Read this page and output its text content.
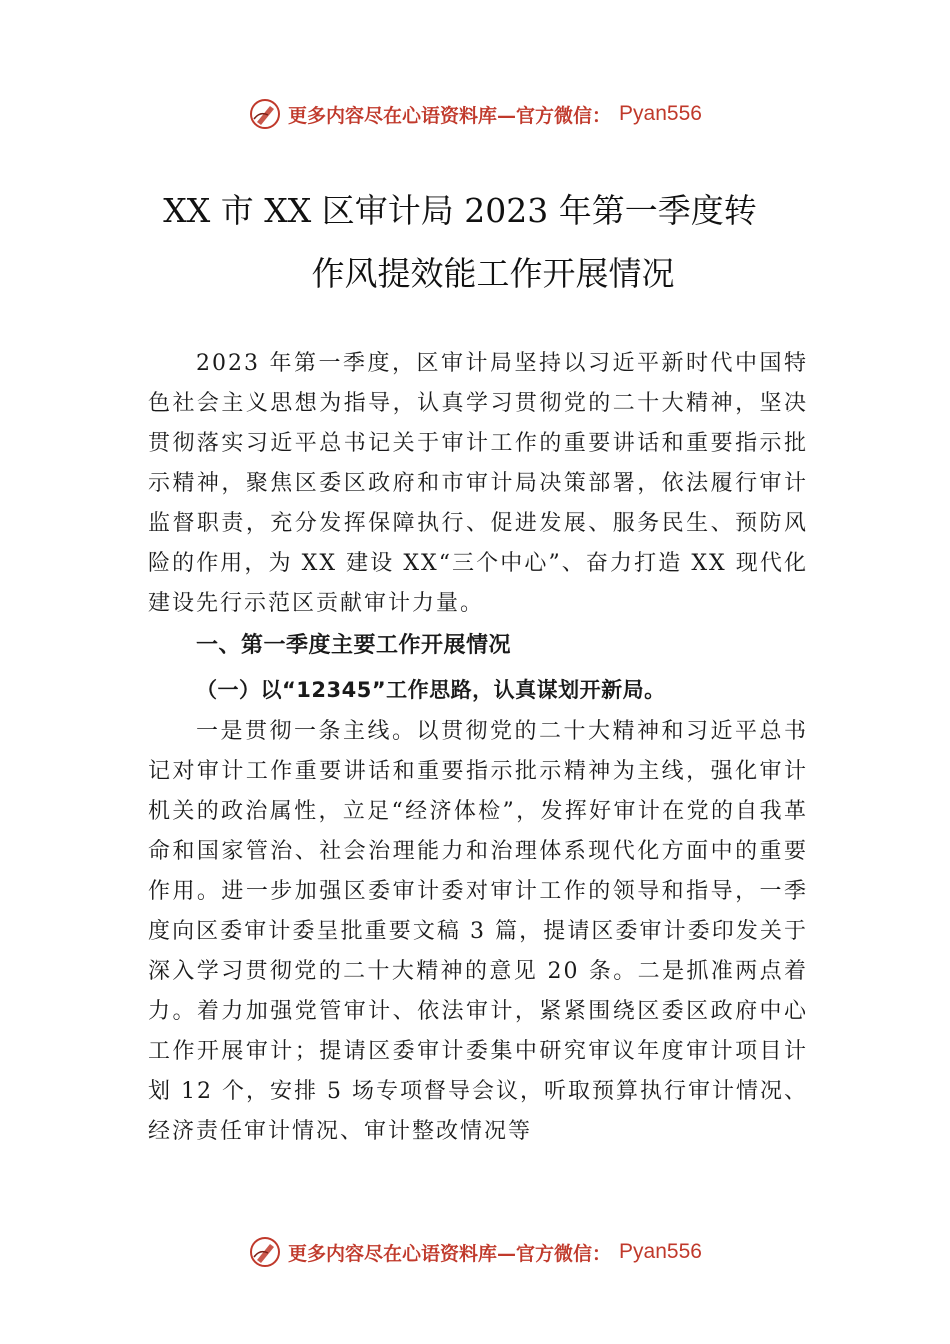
更多内容尽在心语资料库—官方微信： Pyan556
XX 市 XX 区审计局 2023 年第一季度转
作风提效能工作开展情况

2023 年第一季度，区审计局坚持以习近平新时代中国特色社会主义思想为指导，认真学习贯彻党的二十大精神，坚决贯彻落实习近平总书记关于审计工作的重要讲话和重要指示批示精神，聚焦区委区政府和市审计局决策部署，依法履行审计监督职责，充分发挥保障执行、促进发展、服务民生、预防风险的作用，为 XX 建设 XX“三个中心”、奋力打造 XX 现代化建设先行示范区贡献审计力量。

一、第一季度主要工作开展情况

（一）以“12345”工作思路，认真谋划开新局。

一是贯彻一条主线。以贯彻党的二十大精神和习近平总书记对审计工作重要讲话和重要指示批示精神为主线，强化审计机关的政治属性，立足“经济体检”，发挥好审计在党的自我革命和国家管治、社会治理能力和治理体系现代化方面中的重要作用。进一步加强区委审计委对审计工作的领导和指导，一季度向区委审计委呈批重要文稿 3 篇，提请区委审计委印发关于深入学习贯彻党的二十大精神的意见 20 条。二是抓准两点着力。着力加强党管审计、依法审计，紧紧围绕区委区政府中心工作开展审计；提请区委审计委集中研究审议年度审计项目计划 12 个，安排 5 场专项督导会议，听取预算执行审计情况、经济责任审计情况、审计整改情况等

更多内容尽在心语资料库—官方微信： Pyan556
